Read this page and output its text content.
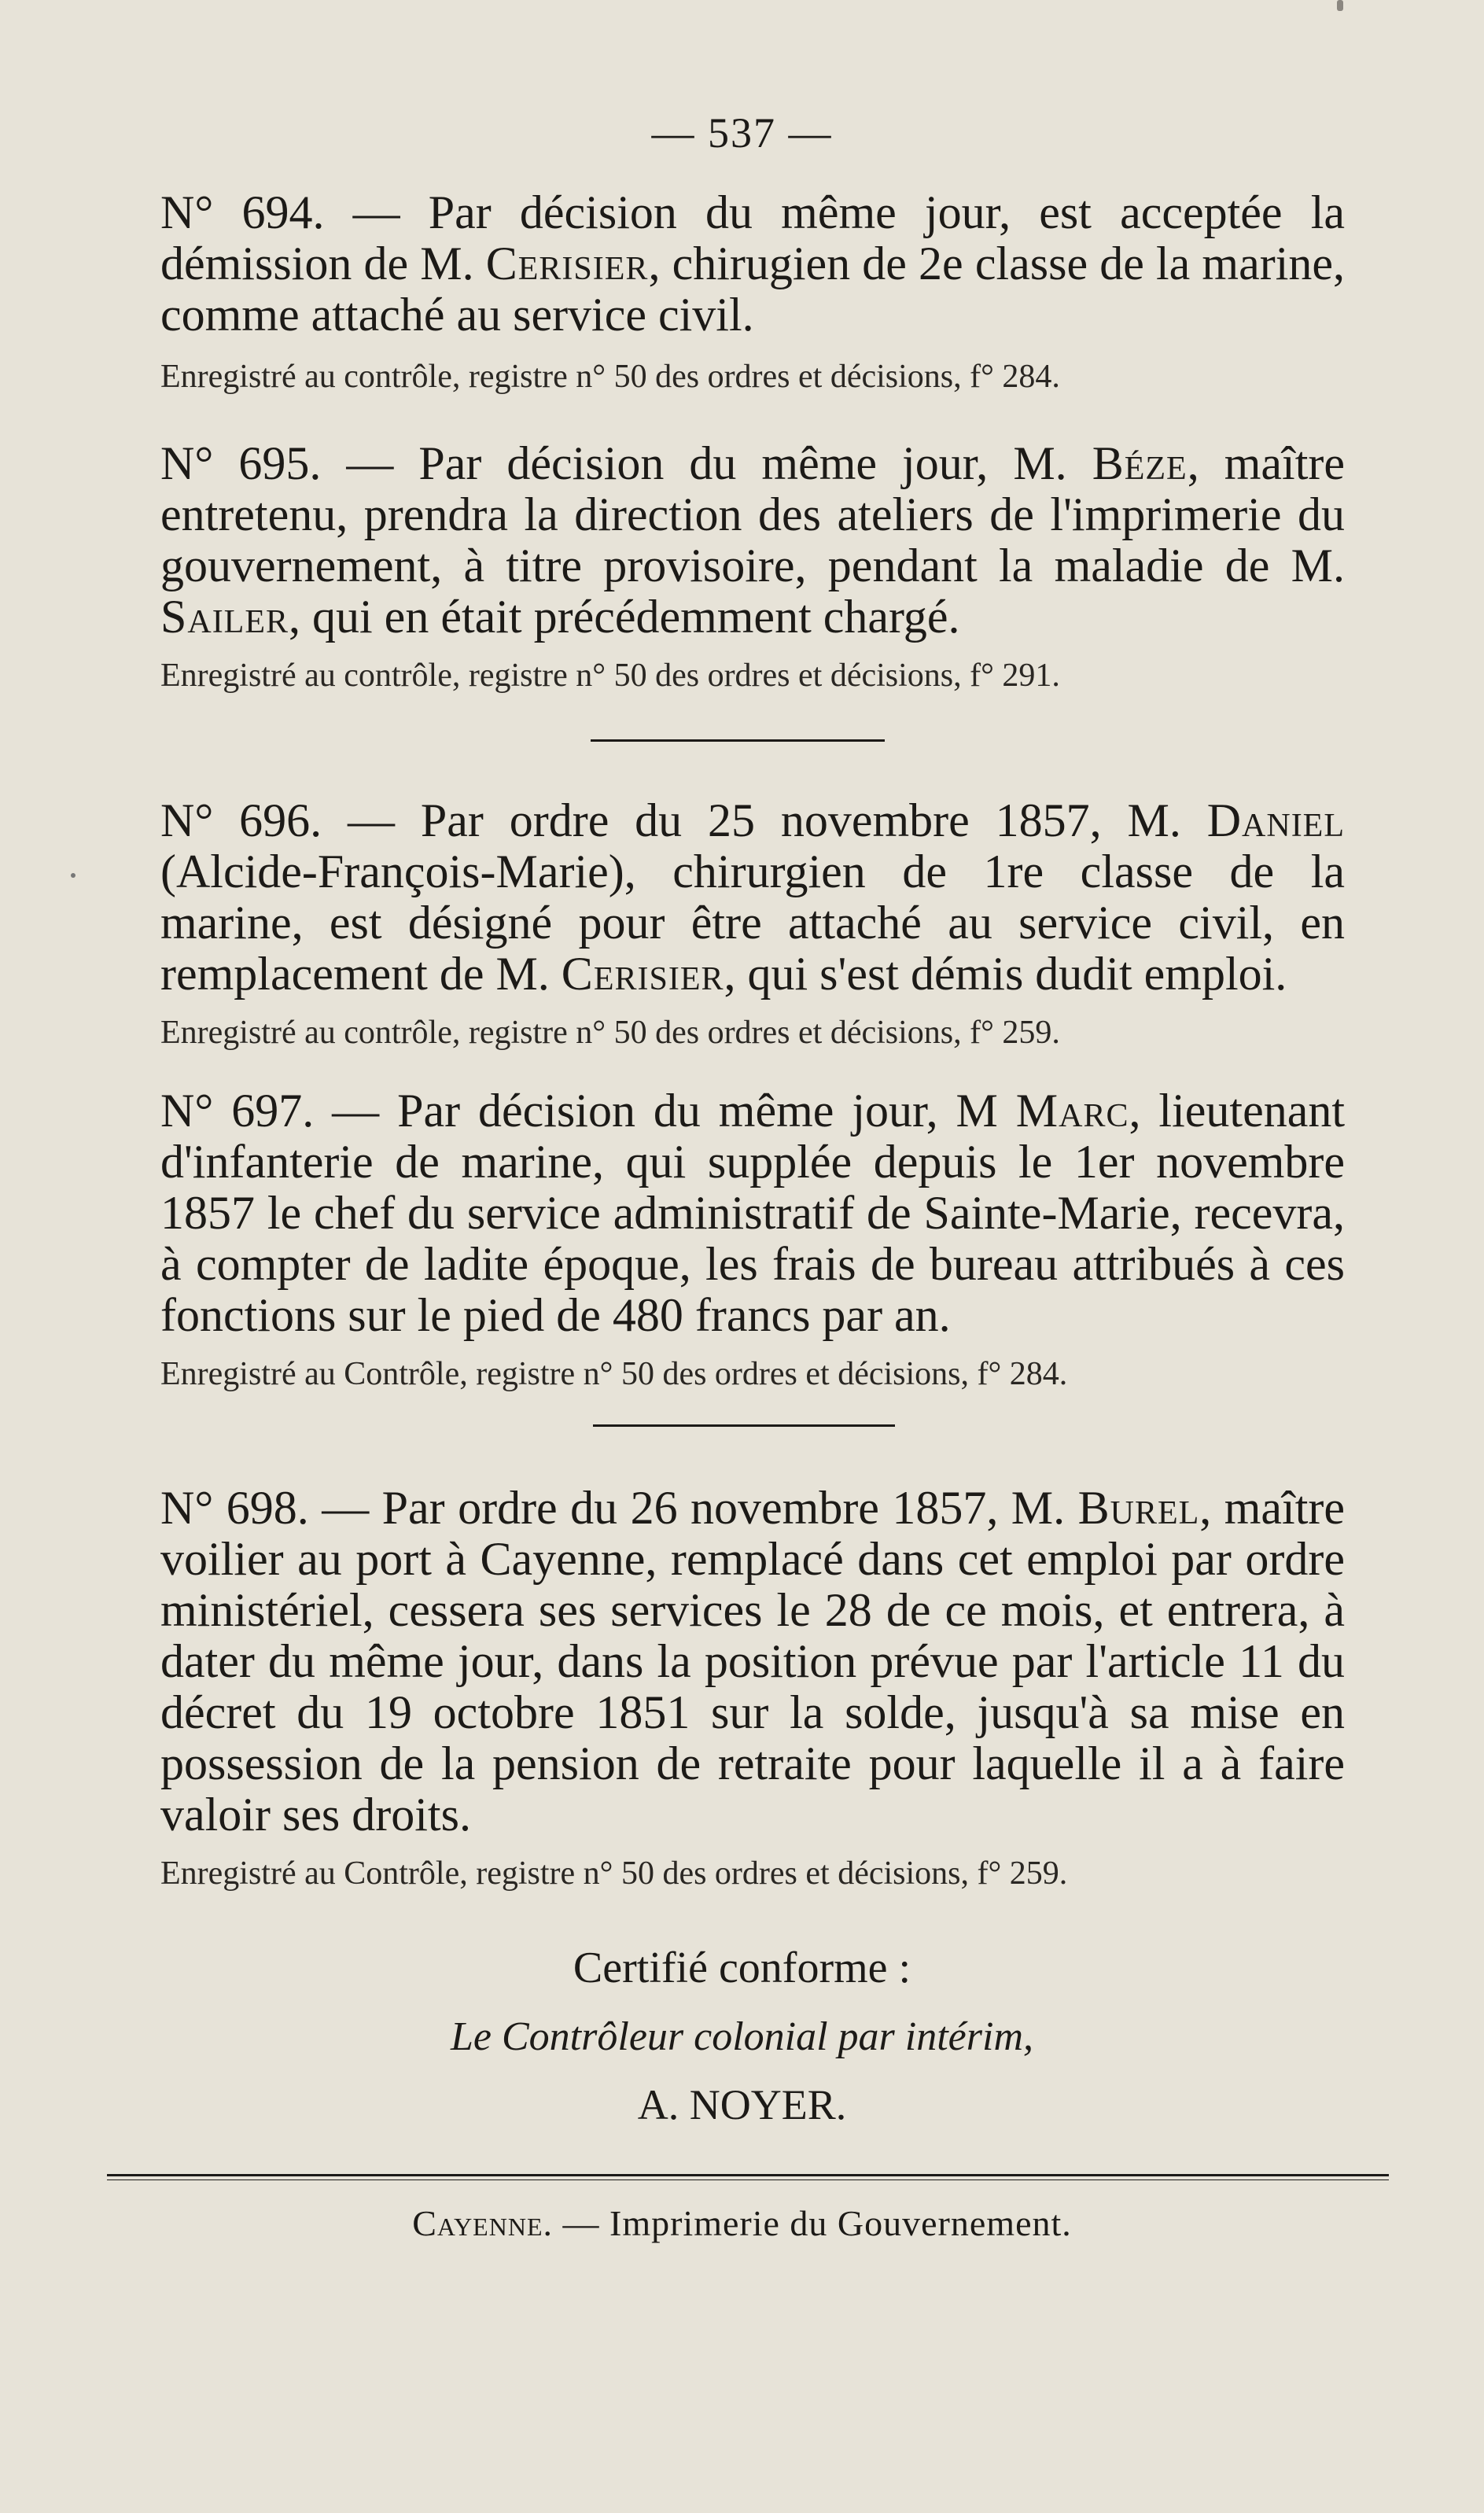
— 537 —

N° 694. — Par décision du même jour, est acceptée la démission de M. Cerisier, chirugien de 2e classe de la marine, comme attaché au service civil.

Enregistré au contrôle, registre n° 50 des ordres et décisions, f° 284.

N° 695. — Par décision du même jour, M. Béze, maître entretenu, prendra la direction des ateliers de l'imprimerie du gouvernement, à titre provisoire, pendant la maladie de M. Sailer, qui en était précédemment chargé.

Enregistré au contrôle, registre n° 50 des ordres et décisions, f° 291.

N° 696. — Par ordre du 25 novembre 1857, M. Daniel (Alcide-François-Marie), chirurgien de 1re classe de la marine, est désigné pour être attaché au service civil, en remplacement de M. Cerisier, qui s'est démis dudit emploi.

Enregistré au contrôle, registre n° 50 des ordres et décisions, f° 259.

N° 697. — Par décision du même jour, M Marc, lieutenant d'infanterie de marine, qui supplée depuis le 1er novembre 1857 le chef du service administratif de Sainte-Marie, recevra, à compter de ladite époque, les frais de bureau attribués à ces fonctions sur le pied de 480 francs par an.

Enregistré au Contrôle, registre n° 50 des ordres et décisions, f° 284.

N° 698. — Par ordre du 26 novembre 1857, M. Burel, maître voilier au port à Cayenne, remplacé dans cet emploi par ordre ministériel, cessera ses services le 28 de ce mois, et entrera, à dater du même jour, dans la position prévue par l'article 11 du décret du 19 octobre 1851 sur la solde, jusqu'à sa mise en possession de la pension de retraite pour laquelle il a à faire valoir ses droits.

Enregistré au Contrôle, registre n° 50 des ordres et décisions, f° 259.

Certifié conforme :
Le Contrôleur colonial par intérim,
A. NOYER.
Cayenne. — Imprimerie du Gouvernement.
